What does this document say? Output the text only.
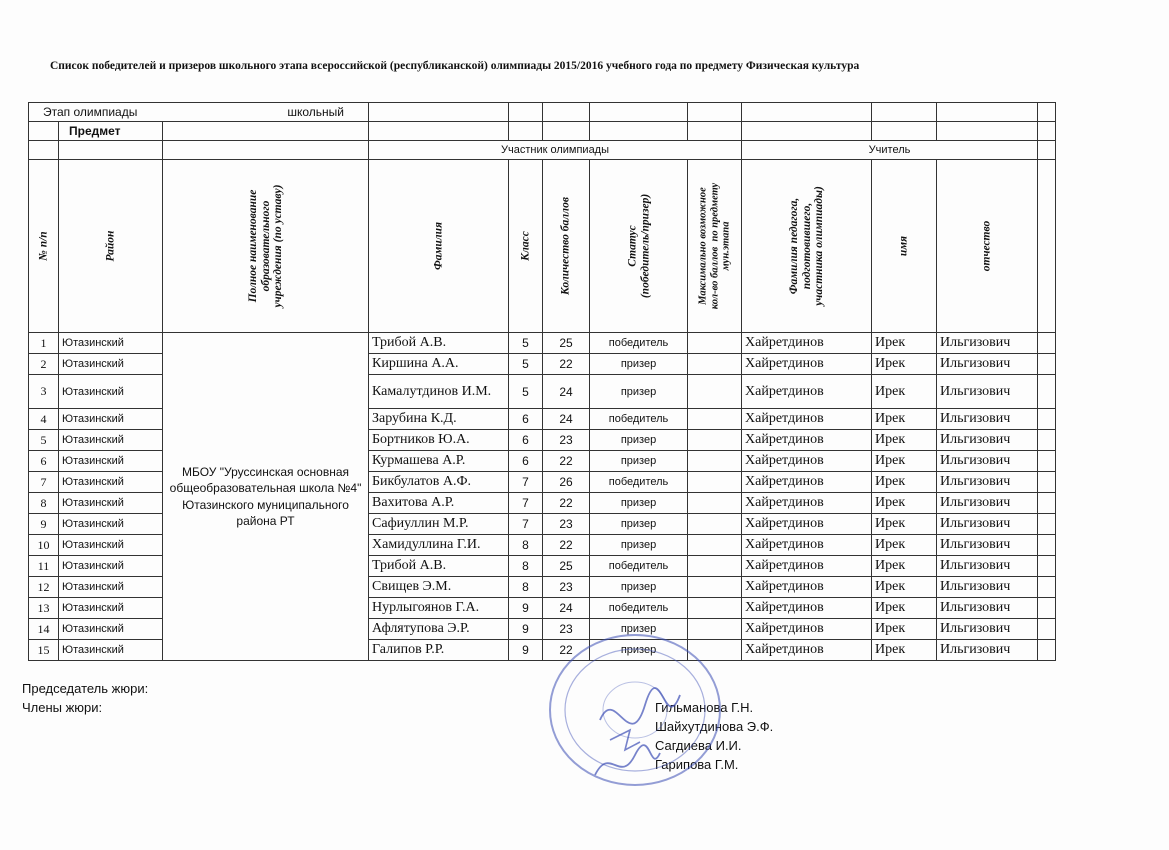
Список победителей и призеров школьного этапа всероссийской (республиканской) олимпиады 2015/2016 учебного года по предмету Физическая культура
Этап олимпиады школьный											
	Предмет										
			Участник олимпиады					Учитель			

№ п/п	Район	Полное наименование
образовательного
учреждения (по уставу)	Фамилия	Класс	Количество баллов	Статус
(победитель/призер)	Максимально возможное
кол-во баллов  по предмету
мун.этапа	Фамилия педагога,
подготовившего,
участника олимпиады)	имя	отчество	

1	Ютазинский	МБОУ "Уруссинская основная общеобразовательная школа №4" Ютазинского муниципального района РТ	Трибой А.В.	5	25	победитель		Хайретдинов	Ирек	Ильгизович	
2	Ютазинский		Киршина А.А.	5	22	призер		Хайретдинов	Ирек	Ильгизович	
3	Ютазинский		Камалутдинов И.М.	5	24	призер		Хайретдинов	Ирек	Ильгизович	
4	Ютазинский		Зарубина К.Д.	6	24	победитель		Хайретдинов	Ирек	Ильгизович	
5	Ютазинский		Бортников Ю.А.	6	23	призер		Хайретдинов	Ирек	Ильгизович	
6	Ютазинский		Курмашева А.Р.	6	22	призер		Хайретдинов	Ирек	Ильгизович	
7	Ютазинский		Бикбулатов А.Ф.	7	26	победитель		Хайретдинов	Ирек	Ильгизович	
8	Ютазинский		Вахитова А.Р.	7	22	призер		Хайретдинов	Ирек	Ильгизович	
9	Ютазинский		Сафиуллин М.Р.	7	23	призер		Хайретдинов	Ирек	Ильгизович	
10	Ютазинский		Хамидуллина Г.И.	8	22	призер		Хайретдинов	Ирек	Ильгизович	
11	Ютазинский		Трибой А.В.	8	25	победитель		Хайретдинов	Ирек	Ильгизович	
12	Ютазинский		Свищев Э.М.	8	23	призер		Хайретдинов	Ирек	Ильгизович	
13	Ютазинский		Нурлыгоянов Г.А.	9	24	победитель		Хайретдинов	Ирек	Ильгизович	
14	Ютазинский		Афлятупова Э.Р.	9	23	призер		Хайретдинов	Ирек	Ильгизович	
15	Ютазинский		Галипов Р.Р.	9	22	призер		Хайретдинов	Ирек	Ильгизович	
Председатель жюри:
Члены жюри:	Гильманова Г.Н.
Шайхутдинова Э.Ф.
Сагдиева И.И.
Гарипова Г.М.
